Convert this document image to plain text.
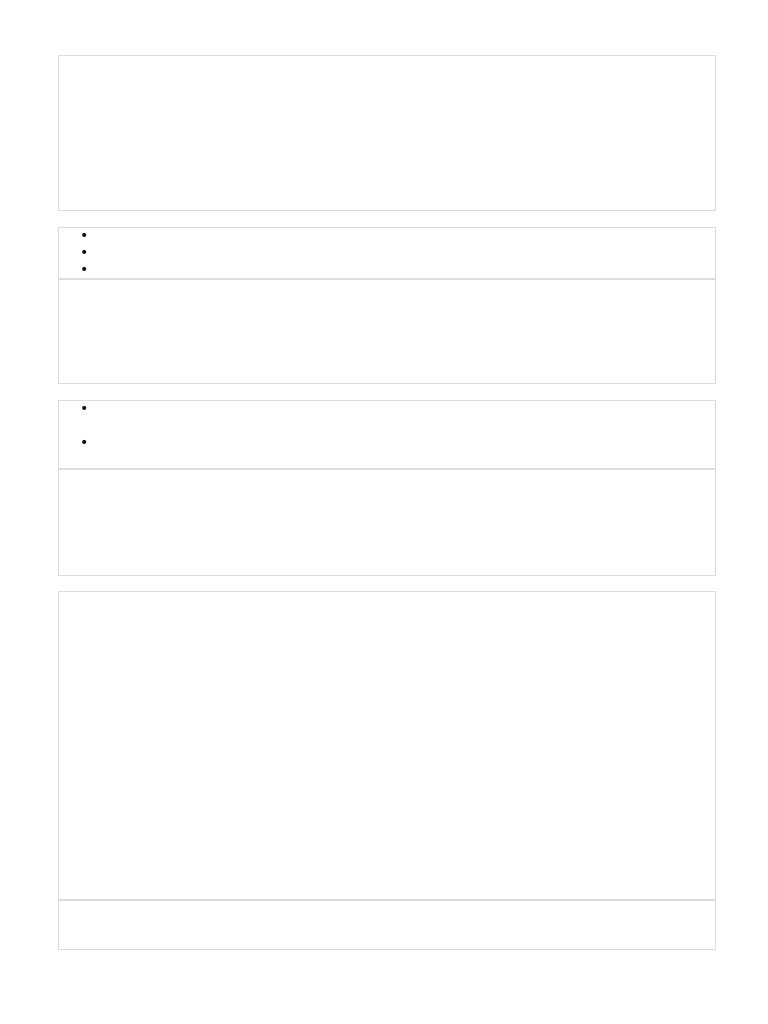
•
•
•
•
•
